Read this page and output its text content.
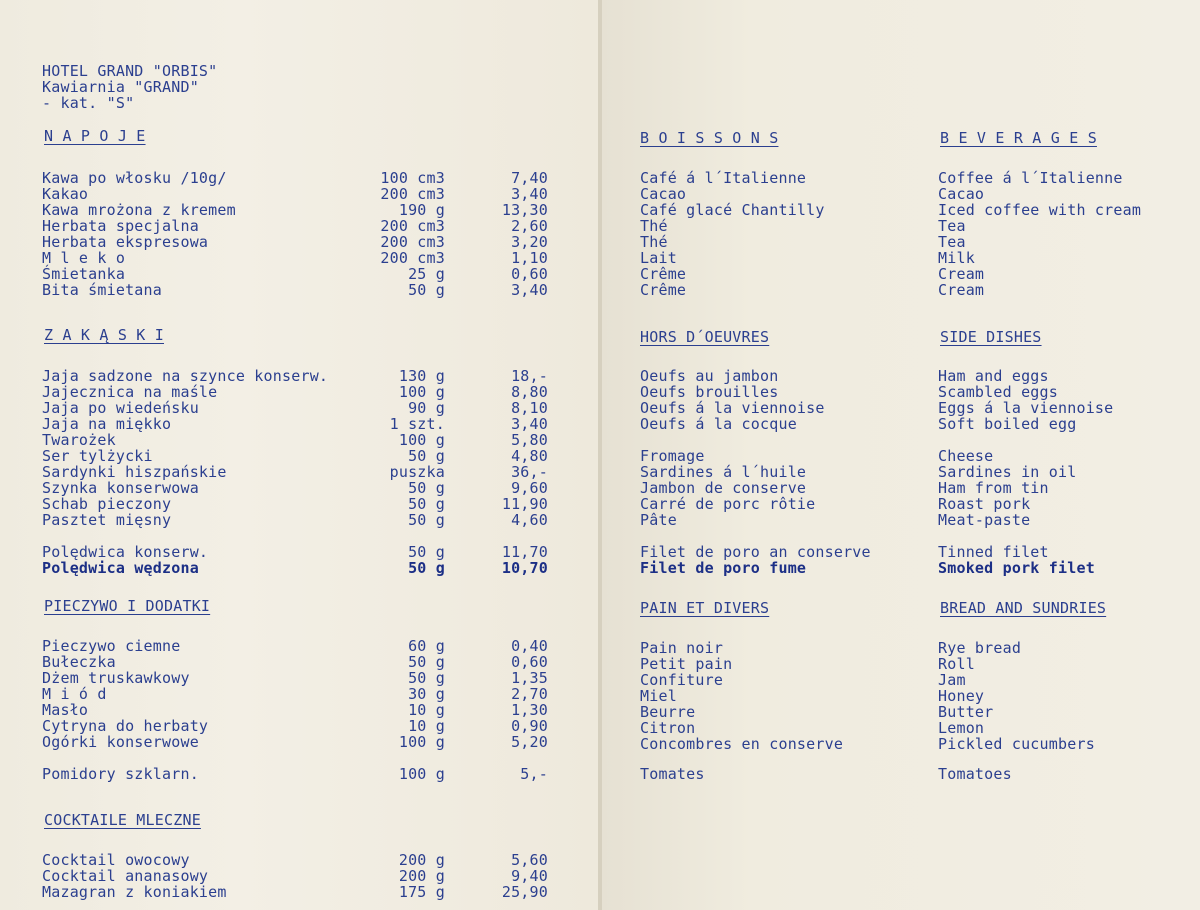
HOTEL GRAND "ORBIS"
Kawiarnia "GRAND"
- kat. "S"
N A P O J E
Kawa po włosku /10g/	100 cm3	7,40
Kakao	200 cm3	3,40
Kawa mrożona z kremem	190 g	13,30
Herbata specjalna	200 cm3	2,60
Herbata ekspresowa	200 cm3	3,20
M l e k o	200 cm3	1,10
Śmietanka	25 g	0,60
Bita śmietana	50 g	3,40
Z A K Ą S K I
Jaja sadzone na szynce konserw.	130 g	18,-
Jajecznica na maśle	100 g	8,80
Jaja po wiedeńsku	90 g	8,10
Jaja na miękko	1 szt.	3,40
Twarożek	100 g	5,80
Ser tylżycki	50 g	4,80
Sardynki hiszpańskie	puszka	36,-
Szynka konserwowa	50 g	9,60
Schab pieczony	50 g	11,90
Pasztet mięsny	50 g	4,60
Polędwica konserw.	50 g	11,70
Polędwica wędzona	50 g	10,70
PIECZYWO I DODATKI
Pieczywo ciemne	60 g	0,40
Bułeczka	50 g	0,60
Dżem truskawkowy	50 g	1,35
M i ó d	30 g	2,70
Masło	10 g	1,30
Cytryna do herbaty	10 g	0,90
Ogórki konserwowe	100 g	5,20
Pomidory szklarn.	100 g	5,-
COCKTAILE MLECZNE
Cocktail owocowy	200 g	5,60
Cocktail ananasowy	200 g	9,40
Mazagran z koniakiem	175 g	25,90
B O I S S O N S	B E V E R A G E S
Café á l´Italienne	Coffee á l´Italienne
Cacao	Cacao
Café glacé Chantilly	Iced coffee with cream
Thé	Tea
Thé	Tea
Lait	Milk
Crême	Cream
Crême	Cream
HORS D´OEUVRES	SIDE DISHES
Oeufs au jambon	Ham and eggs
Oeufs brouilles	Scambled eggs
Oeufs á la viennoise	Eggs á la viennoise
Oeufs á la cocque	Soft boiled egg
Fromage	Cheese
Sardines á l´huile	Sardines in oil
Jambon de conserve	Ham from tin
Carré de porc rôtie	Roast pork
Pâte	Meat-paste
Filet de poro an conserve	Tinned filet
Filet de poro fume	Smoked pork filet
PAIN ET DIVERS	BREAD AND SUNDRIES
Pain noir	Rye bread
Petit pain	Roll
Confiture	Jam
Miel	Honey
Beurre	Butter
Citron	Lemon
Concombres en conserve	Pickled cucumbers
Tomates	Tomatoes
